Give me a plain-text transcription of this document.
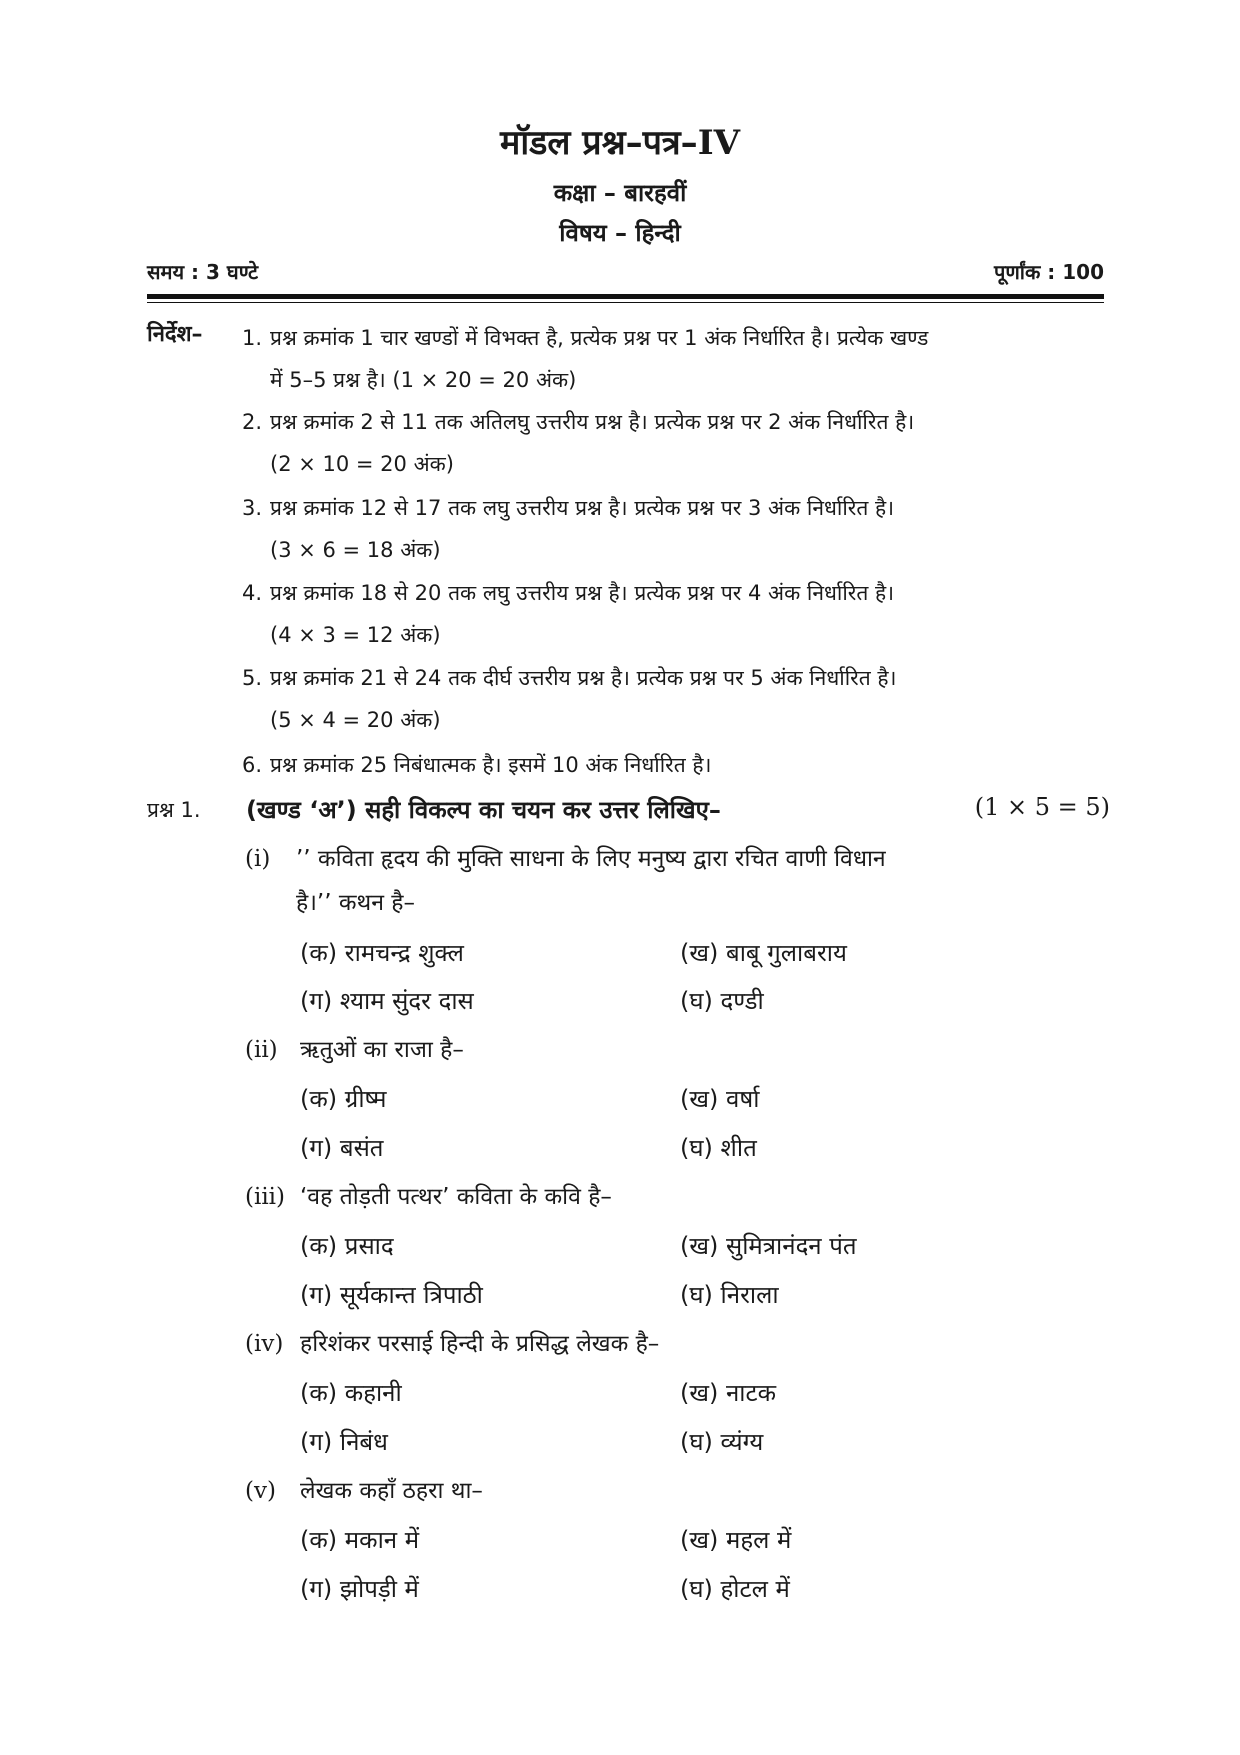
मॉडल प्रश्न–पत्र–IV
कक्षा – बारहवीं
विषय – हिन्दी
समय : 3 घण्टे	पूर्णांक : 100
निर्देश–	1. प्रश्न क्रमांक 1 चार खण्डों में विभक्त है, प्रत्येक प्रश्न पर 1 अंक निर्धारित है। प्रत्येक खण्ड
में 5–5 प्रश्न है। (1 × 20 = 20 अंक)
2. प्रश्न क्रमांक 2 से 11 तक अतिलघु उत्तरीय प्रश्न है। प्रत्येक प्रश्न पर 2 अंक निर्धारित है।
(2 × 10 = 20 अंक)
3. प्रश्न क्रमांक 12 से 17 तक लघु उत्तरीय प्रश्न है। प्रत्येक प्रश्न पर 3 अंक निर्धारित है।
(3 × 6 = 18 अंक)
4. प्रश्न क्रमांक 18 से 20 तक लघु उत्तरीय प्रश्न है। प्रत्येक प्रश्न पर 4 अंक निर्धारित है।
(4 × 3 = 12 अंक)
5. प्रश्न क्रमांक 21 से 24 तक दीर्घ उत्तरीय प्रश्न है। प्रत्येक प्रश्न पर 5 अंक निर्धारित है।
(5 × 4 = 20 अंक)
6. प्रश्न क्रमांक 25 निबंधात्मक है। इसमें 10 अंक निर्धारित है।
प्रश्न 1. (खण्ड ‘अ’) सही विकल्प का चयन कर उत्तर लिखिए–	(1 × 5 = 5)
(i) ’’ कविता हृदय की मुक्ति साधना के लिए मनुष्य द्वारा रचित वाणी विधान
है।’’ कथन है–
(क) रामचन्द्र शुक्ल	(ख) बाबू गुलाबराय
(ग) श्याम सुंदर दास	(घ) दण्डी
(ii) ऋतुओं का राजा है–
(क) ग्रीष्म	(ख) वर्षा
(ग) बसंत	(घ) शीत
(iii) ‘वह तोड़ती पत्थर’ कविता के कवि है–
(क) प्रसाद	(ख) सुमित्रानंदन पंत
(ग) सूर्यकान्त त्रिपाठी	(घ) निराला
(iv) हरिशंकर परसाई हिन्दी के प्रसिद्ध लेखक है–
(क) कहानी	(ख) नाटक
(ग) निबंध	(घ) व्यंग्य
(v) लेखक कहाँ ठहरा था–
(क) मकान में	(ख) महल में
(ग) झोपड़ी में	(घ) होटल में
